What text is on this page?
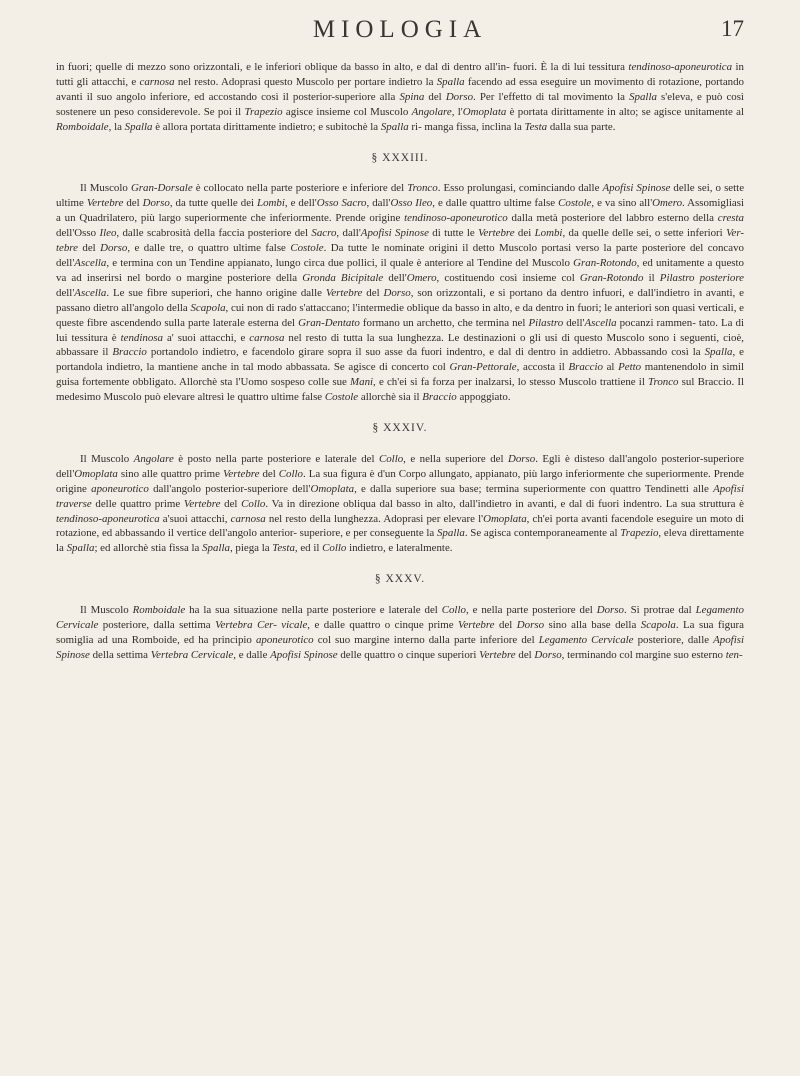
MIOLOGIA	17

in fuori; quelle di mezzo sono orizzontali, e le inferiori oblique da basso in alto, e dal di dentro all'in- fuori. È la di lui tessitura tendinoso-aponeurotica in tutti gli attacchi, e carnosa nel resto. Adoprasi questo Muscolo per portare indietro la Spalla facendo ad essa eseguire un movimento di rotazione, portando avanti il suo angolo inferiore, ed accostando così il posterior-superiore alla Spina del Dorso. Per l'effetto di tal movimento la Spalla s'eleva, e può così sostenere un peso considerevole. Se poi il Trapezio agisce insieme col Muscolo Angolare, l'Omoplata è portata dirittamente in alto; se agisce unitamente al Romboidale, la Spalla è allora portata dirittamente indietro; e subitochè la Spalla ri- manga fissa, inclina la Testa dalla sua parte.

§ XXXIII.

Il Muscolo Gran-Dorsale è collocato nella parte posteriore e inferiore del Tronco. Esso prolungasi, cominciando dalle Apofisi Spinose delle sei, o sette ultime Vertebre del Dorso, da tutte quelle dei Lombi, e dell'Osso Sacro, dall'Osso Ileo, e dalle quattro ultime false Costole, e va sino all'Omero. Assomigliasi a un Quadrilatero, più largo superiormente che inferiormente. Prende origine tendinoso-aponeurotico dalla metà posteriore del labbro esterno della cresta dell'Osso Ileo, dalle scabrosità della faccia posteriore del Sacro, dall'Apofisi Spinose di tutte le Vertebre dei Lombi, da quelle delle sei, o sette inferiori Ver- tebre del Dorso, e dalle tre, o quattro ultime false Costole. Da tutte le nominate origini il detto Muscolo portasi verso la parte posteriore del concavo dell'Ascella, e termina con un Tendine appianato, lungo circa due pollici, il quale è anteriore al Tendine del Muscolo Gran-Rotondo, ed unitamente a questo va ad inserirsi nel bordo o margine posteriore della Gronda Bicipitale dell'Omero, costituendo così insieme col Gran-Rotondo il Pilastro posteriore dell'Ascella. Le sue fibre superiori, che hanno origine dalle Vertebre del Dorso, son orizzontali, e si portano da dentro infuori, e dall'indietro in avanti, e passano dietro all'angolo della Scapola, cui non di rado s'attaccano; l'intermedie oblique da basso in alto, e da dentro in fuori; le anteriori son quasi verticali, e queste fibre ascendendo sulla parte laterale esterna del Gran-Dentato formano un archetto, che termina nel Pilastro dell'Ascella pocanzi rammen- tato. La di lui tessitura è tendinosa a' suoi attacchi, e carnosa nel resto di tutta la sua lunghezza. Le destinazioni o gli usi di questo Muscolo sono i seguenti, cioè, abbassare il Braccio portandolo indietro, e facendolo girare sopra il suo asse da fuori indentro, e dal di dentro in addietro. Abbassando così la Spalla, e portandola indietro, la mantiene anche in tal modo abbassata. Se agisce di concerto col Gran-Pettorale, accosta il Braccio al Petto mantenendolo in simil guisa fortemente obbligato. Allorchè sta l'Uomo sospeso colle sue Mani, e ch'ei si fa forza per inalzarsi, lo stesso Muscolo trattiene il Tronco sul Braccio. Il medesimo Muscolo può elevare altresì le quattro ultime false Costole allorchè sia il Braccio appoggiato.

§ XXXIV.

Il Muscolo Angolare è posto nella parte posteriore e laterale del Collo, e nella superiore del Dorso. Egli è disteso dall'angolo posterior-superiore dell'Omoplata sino alle quattro prime Vertebre del Collo. La sua figura è d'un Corpo allungato, appianato, più largo inferiormente che superiormente. Prende origine aponeurotico dall'angolo posterior-superiore dell'Omoplata, e dalla superiore sua base; termina superiormente con quattro Tendinetti alle Apofisi traverse delle quattro prime Vertebre del Collo. Va in direzione obliqua dal basso in alto, dall'indietro in avanti, e dal di fuori indentro. La sua struttura è tendinoso-aponeurotica a'suoi attacchi, carnosa nel resto della lunghezza. Adoprasi per elevare l'Omoplata, ch'ei porta avanti facendole eseguire un moto di rotazione, ed abbassando il vertice dell'angolo anterior- superiore, e per conseguente la Spalla. Se agisca contemporaneamente al Trapezio, eleva direttamente la Spalla; ed allorchè stia fissa la Spalla, piega la Testa, ed il Collo indietro, e lateralmente.

§ XXXV.

Il Muscolo Romboidale ha la sua situazione nella parte posteriore e laterale del Collo, e nella parte posteriore del Dorso. Si protrae dal Legamento Cervicale posteriore, dalla settima Vertebra Cer- vicale, e dalle quattro o cinque prime Vertebre del Dorso sino alla base della Scapola. La sua figura somiglia ad una Romboide, ed ha principio aponeurotico col suo margine interno dalla parte inferiore del Legamento Cervicale posteriore, dalle Apofisi Spinose della settima Vertebra Cervicale, e dalle Apofisi Spinose delle quattro o cinque superiori Vertebre del Dorso, terminando col margine suo esterno ten-
